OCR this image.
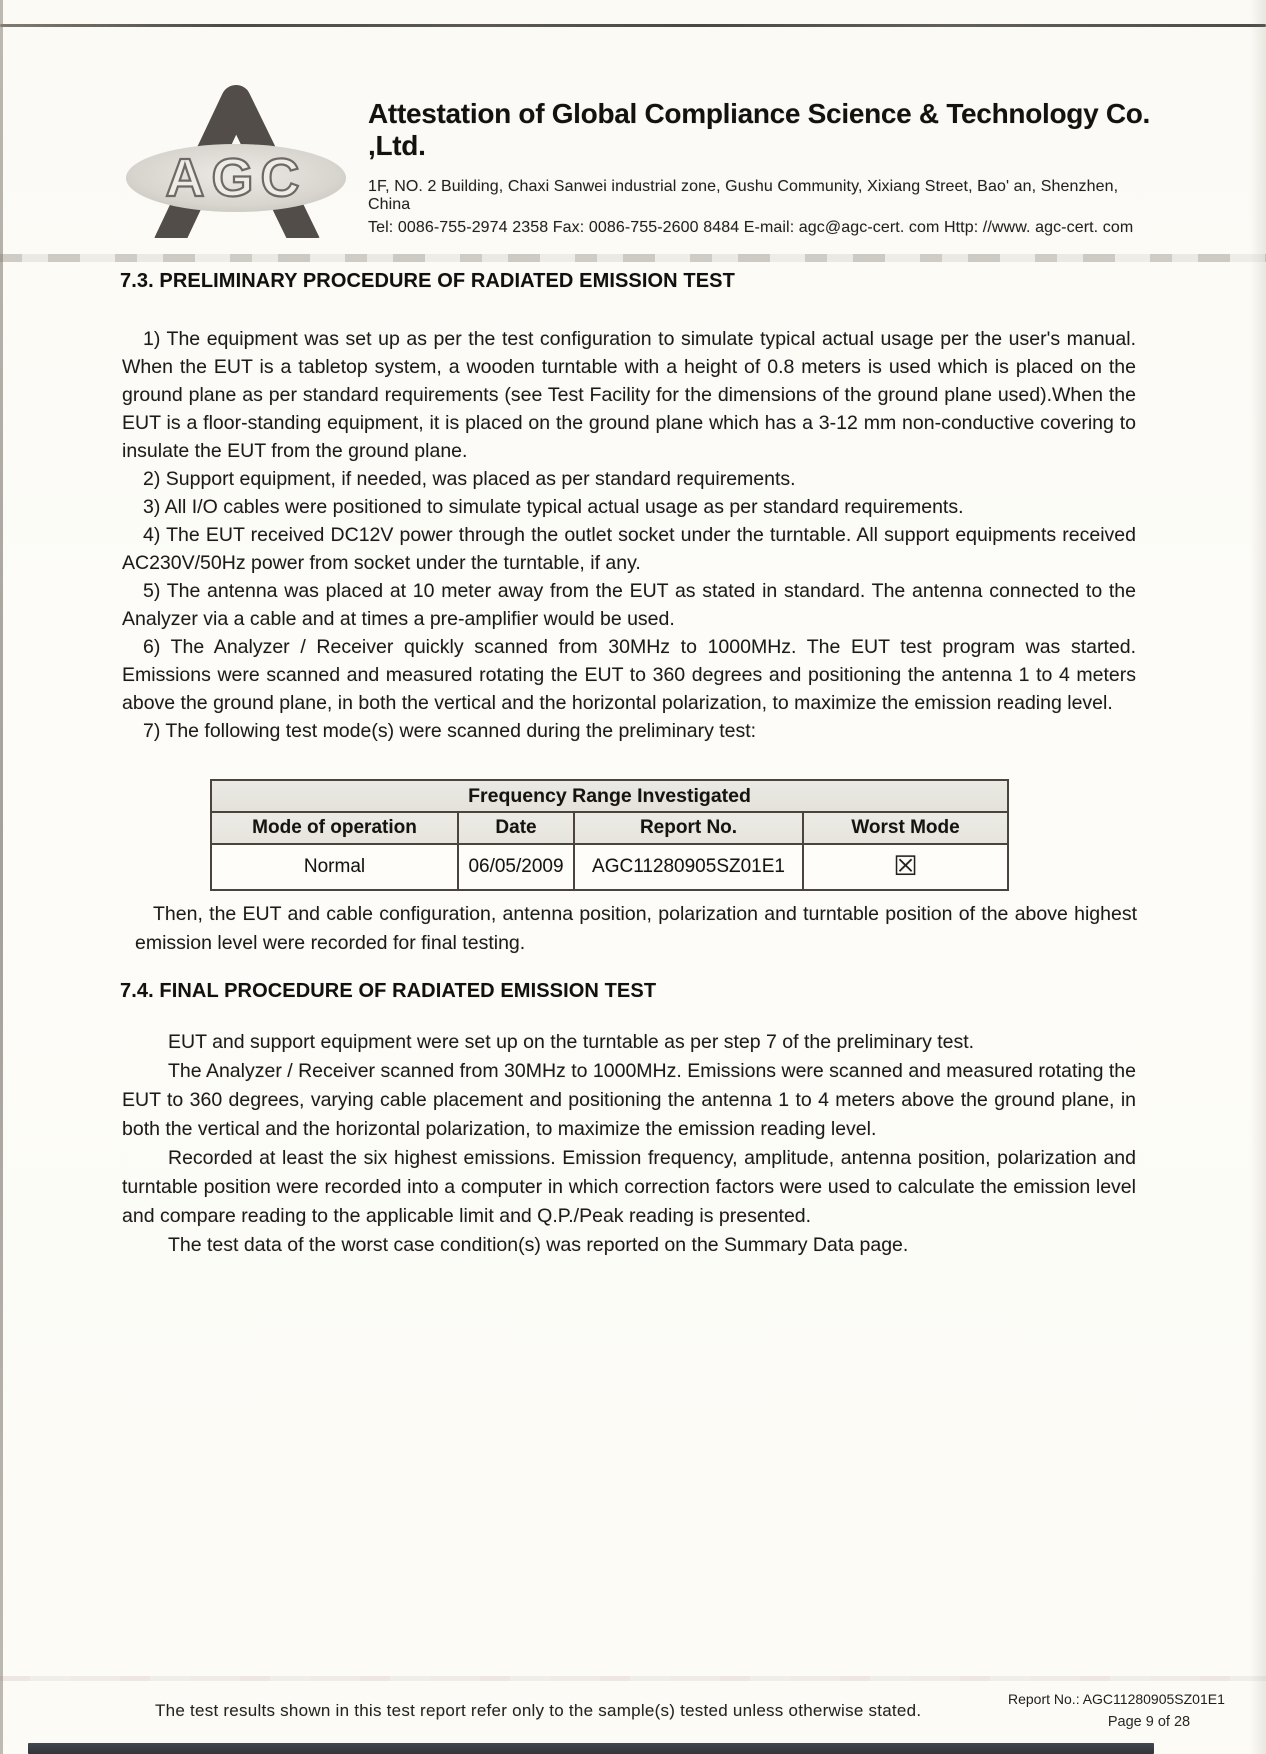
AGC
Attestation of Global Compliance Science & Technology Co. ,Ltd.
1F, NO. 2 Building, Chaxi Sanwei industrial zone, Gushu Community, Xixiang Street, Bao' an, Shenzhen, China
Tel: 0086-755-2974 2358 Fax: 0086-755-2600 8484 E-mail: agc@agc-cert. com Http: //www. agc-cert. com
7.3. PRELIMINARY PROCEDURE OF RADIATED EMISSION TEST

1) The equipment was set up as per the test configuration to simulate typical actual usage per the user's manual. When the EUT is a tabletop system, a wooden turntable with a height of 0.8 meters is used which is placed on the ground plane as per standard requirements (see Test Facility for the dimensions of the ground plane used).When the EUT is a floor-standing equipment, it is placed on the ground plane which has a 3-12 mm non-conductive covering to insulate the EUT from the ground plane.

2) Support equipment, if needed, was placed as per standard requirements.

3) All I/O cables were positioned to simulate typical actual usage as per standard requirements.

4) The EUT received DC12V power through the outlet socket under the turntable. All support equipments received AC230V/50Hz power from socket under the turntable, if any.

5) The antenna was placed at 10 meter away from the EUT as stated in standard. The antenna connected to the Analyzer via a cable and at times a pre-amplifier would be used.

6) The Analyzer / Receiver quickly scanned from 30MHz to 1000MHz. The EUT test program was started. Emissions were scanned and measured rotating the EUT to 360 degrees and positioning the antenna 1 to 4 meters above the ground plane, in both the vertical and the horizontal polarization, to maximize the emission reading level.

7) The following test mode(s) were scanned during the preliminary test:

Frequency Range Investigated			
Mode of operation	Date	Report No.	Worst Mode
Normal	06/05/2009	AGC11280905SZ01E1	☒
Then, the EUT and cable configuration, antenna position, polarization and turntable position of the above highest emission level were recorded for final testing.
7.4. FINAL PROCEDURE OF RADIATED EMISSION TEST

EUT and support equipment were set up on the turntable as per step 7 of the preliminary test.

The Analyzer / Receiver scanned from 30MHz to 1000MHz. Emissions were scanned and measured rotating the EUT to 360 degrees, varying cable placement and positioning the antenna 1 to 4 meters above the ground plane, in both the vertical and the horizontal polarization, to maximize the emission reading level.

Recorded at least the six highest emissions. Emission frequency, amplitude, antenna position, polarization and turntable position were recorded into a computer in which correction factors were used to calculate the emission level and compare reading to the applicable limit and Q.P./Peak reading is presented.

The test data of the worst case condition(s) was reported on the Summary Data page.

The test results shown in this test report refer only to the sample(s) tested unless otherwise stated.
Report No.: AGC11280905SZ01E1
Page 9 of 28
